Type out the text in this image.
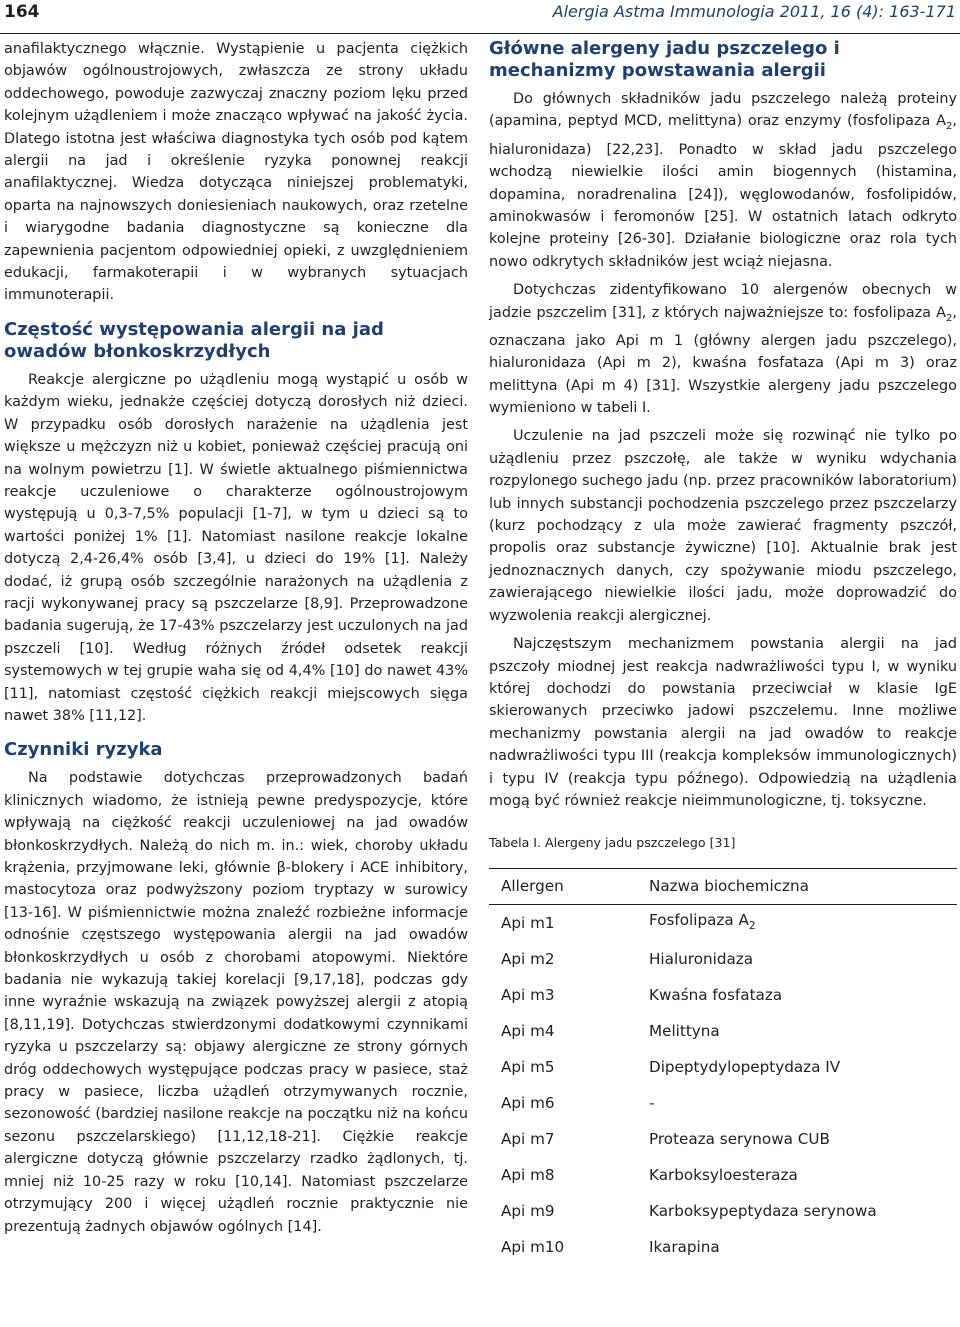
164	Alergia Astma Immunologia 2011, 16 (4): 163-171

anafilaktycznego włącznie. Wystąpienie u pacjenta ciężkich objawów ogólnoustrojowych, zwłaszcza ze strony układu oddechowego, powoduje zazwyczaj znaczny poziom lęku przed kolejnym użądleniem i może znacząco wpływać na jakość życia. Dlatego istotna jest właściwa diagnostyka tych osób pod kątem alergii na jad i określenie ryzyka ponownej reakcji anafilaktycznej. Wiedza dotycząca niniejszej problematyki, oparta na najnowszych doniesieniach naukowych, oraz rzetelne i wiarygodne badania diagnostyczne są konieczne dla zapewnienia pacjentom odpowiedniej opieki, z uwzględnieniem edukacji, farmakoterapii i w wybranych sytuacjach immunoterapii.

Częstość występowania alergii na jad owadów błonkoskrzydłych

Reakcje alergiczne po użądleniu mogą wystąpić u osób w każdym wieku, jednakże częściej dotyczą dorosłych niż dzieci. W przypadku osób dorosłych narażenie na użądlenia jest większe u mężczyzn niż u kobiet, ponieważ częściej pracują oni na wolnym powietrzu [1]. W świetle aktualnego piśmiennictwa reakcje uczuleniowe o charakterze ogólnoustrojowym występują u 0,3-7,5% populacji [1-7], w tym u dzieci są to wartości poniżej 1% [1]. Natomiast nasilone reakcje lokalne dotyczą 2,4-26,4% osób [3,4], u dzieci do 19% [1]. Należy dodać, iż grupą osób szczególnie narażonych na użądlenia z racji wykonywanej pracy są pszczelarze [8,9]. Przeprowadzone badania sugerują, że 17-43% pszczelarzy jest uczulonych na jad pszczeli [10]. Według różnych źródeł odsetek reakcji systemowych w tej grupie waha się od 4,4% [10] do nawet 43% [11], natomiast częstość ciężkich reakcji miejscowych sięga nawet 38% [11,12].

Czynniki ryzyka

Na podstawie dotychczas przeprowadzonych badań klinicznych wiadomo, że istnieją pewne predyspozycje, które wpływają na ciężkość reakcji uczuleniowej na jad owadów błonkoskrzydłych. Należą do nich m. in.: wiek, choroby układu krążenia, przyjmowane leki, głównie β-blokery i ACE inhibitory, mastocytoza oraz podwyższony poziom tryptazy w surowicy [13-16]. W piśmiennictwie można znaleźć rozbieżne informacje odnośnie częstszego występowania alergii na jad owadów błonkoskrzydłych u osób z chorobami atopowymi. Niektóre badania nie wykazują takiej korelacji [9,17,18], podczas gdy inne wyraźnie wskazują na związek powyższej alergii z atopią [8,11,19]. Dotychczas stwierdzonymi dodatkowymi czynnikami ryzyka u pszczelarzy są: objawy alergiczne ze strony górnych dróg oddechowych występujące podczas pracy w pasiece, staż pracy w pasiece, liczba użądleń otrzymywanych rocznie, sezonowość (bardziej nasilone reakcje na początku niż na końcu sezonu pszczelarskiego) [11,12,18-21]. Ciężkie reakcje alergiczne dotyczą głównie pszczelarzy rzadko żądlonych, tj. mniej niż 10-25 razy w roku [10,14]. Natomiast pszczelarze otrzymujący 200 i więcej użądleń rocznie praktycznie nie prezentują żadnych objawów ogólnych [14].

Główne alergeny jadu pszczelego i mechanizmy powstawania alergii

Do głównych składników jadu pszczelego należą proteiny (apamina, peptyd MCD, melittyna) oraz enzymy (fosfolipaza $A_2$, hialuronidaza) [22,23]. Ponadto w skład jadu pszczelego wchodzą niewielkie ilości amin biogennych (histamina, dopamina, noradrenalina [24]), węglowodanów, fosfolipidów, aminokwasów i feromonów [25]. W ostatnich latach odkryto kolejne proteiny [26-30]. Działanie biologiczne oraz rola tych nowo odkrytych składników jest wciąż niejasna.

Dotychczas zidentyfikowano 10 alergenów obecnych w jadzie pszczelim [31], z których najważniejsze to: fosfolipaza $A_2$, oznaczana jako Api m 1 (główny alergen jadu pszczelego), hialuronidaza (Api m 2), kwaśna fosfataza (Api m 3) oraz melittyna (Api m 4) [31]. Wszystkie alergeny jadu pszczelego wymieniono w tabeli I.

Uczulenie na jad pszczeli może się rozwinąć nie tylko po użądleniu przez pszczołę, ale także w wyniku wdychania rozpylonego suchego jadu (np. przez pracowników laboratorium) lub innych substancji pochodzenia pszczelego przez pszczelarzy (kurz pochodzący z ula może zawierać fragmenty pszczół, propolis oraz substancje żywiczne) [10]. Aktualnie brak jest jednoznacznych danych, czy spożywanie miodu pszczelego, zawierającego niewielkie ilości jadu, może doprowadzić do wyzwolenia reakcji alergicznej.

Najczęstszym mechanizmem powstania alergii na jad pszczoły miodnej jest reakcja nadwrażliwości typu I, w wyniku której dochodzi do powstania przeciwciał w klasie IgE skierowanych przeciwko jadowi pszczelemu. Inne możliwe mechanizmy powstania alergii na jad owadów to reakcje nadwrażliwości typu III (reakcja kompleksów immunologicznych) i typu IV (reakcja typu późnego). Odpowiedzią na użądlenia mogą być również reakcje nieimmunologiczne, tj. toksyczne.

Tabela I. Alergeny jadu pszczelego [31]
Allergen	Nazwa biochemiczna
Api m1	Fosfolipaza $A_2$
Api m2	Hialuronidaza
Api m3	Kwaśna fosfataza
Api m4	Melittyna
Api m5	Dipeptydylopeptydaza IV
Api m6	-
Api m7	Proteaza serynowa CUB
Api m8	Karboksyloesteraza
Api m9	Karboksypeptydaza serynowa
Api m10	Ikarapina
